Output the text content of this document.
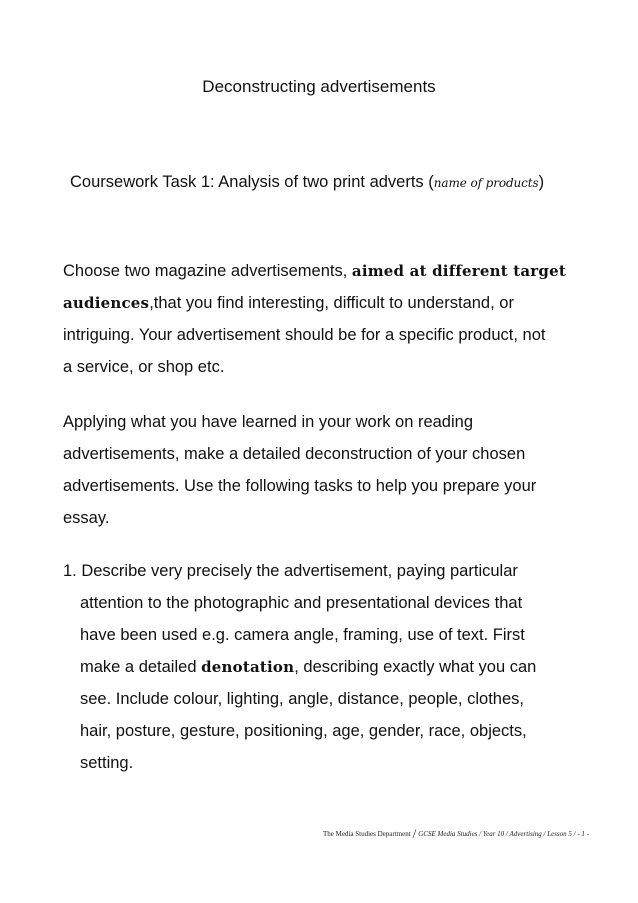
Deconstructing advertisements
Coursework Task 1: Analysis of two print adverts (name of products)
Choose two magazine advertisements, aimed at different target
audiences,that you find interesting, difficult to understand, or
intriguing. Your advertisement should be for a specific product, not
a service, or shop etc.
Applying what you have learned in your work on reading
advertisements, make a detailed deconstruction of your chosen
advertisements. Use the following tasks to help you prepare your
essay.
1. Describe very precisely the advertisement, paying particular
attention to the photographic and presentational devices that
have been used e.g. camera angle, framing, use of text. First
make a detailed denotation, describing exactly what you can
see. Include colour, lighting, angle, distance, people, clothes,
hair, posture, gesture, positioning, age, gender, race, objects,
setting.
The Media Studies Department / GCSE Media Studies / Year 10 / Advertising / Lesson 5 / - 1 -
